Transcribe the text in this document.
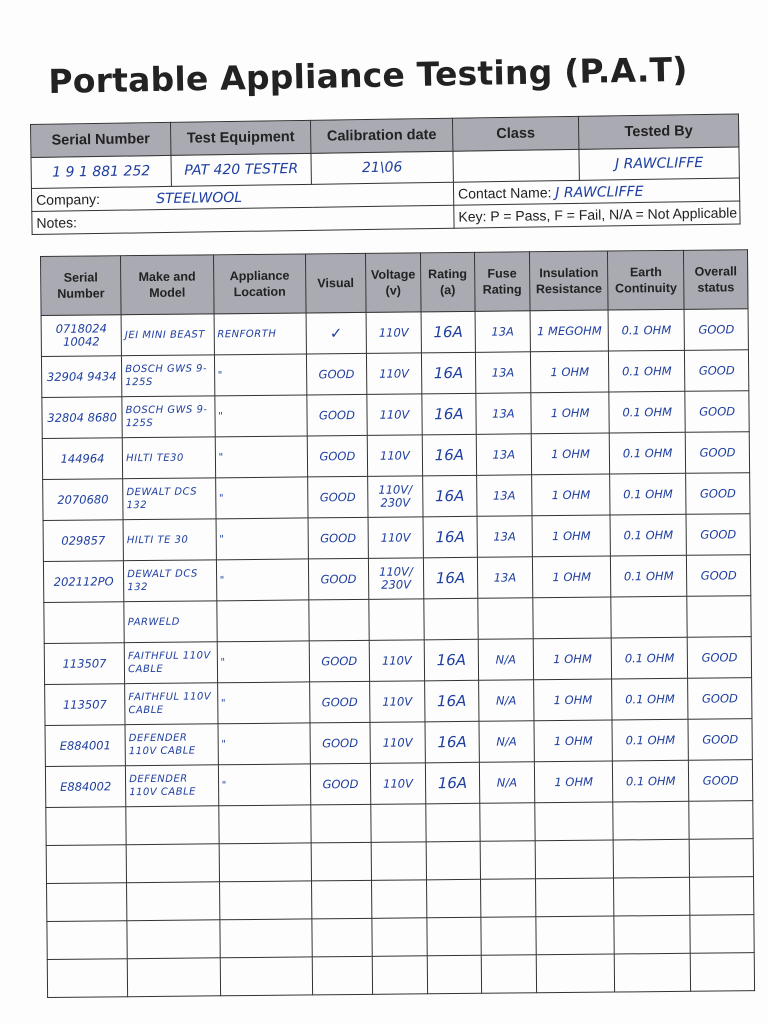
Portable Appliance Testing (P.A.T)
Serial Number	Test Equipment	Calibration date	Class	Tested By
1 9 1 881 252	PAT 420 TESTER	21\06		J RAWCLIFFE
Company: STEELWOOL			Contact Name: J RAWCLIFFE	
Notes:			Key: P = Pass, F = Fail, N/A = Not Applicable	
Serial Number	Make and Model	Appliance Location	Visual	Voltage (v)	Rating (a)	Fuse Rating	Insulation Resistance	Earth Continuity	Overall status
0718024 10042	JEI MINI BEAST	RENFORTH	✓	110V	16A	13A	1 MEGOHM	0.1 OHM	GOOD
32904 9434	BOSCH GWS 9-125S	"	GOOD	110V	16A	13A	1 OHM	0.1 OHM	GOOD
32804 8680	BOSCH GWS 9-125S	"	GOOD	110V	16A	13A	1 OHM	0.1 OHM	GOOD
144964	HILTI TE30	"	GOOD	110V	16A	13A	1 OHM	0.1 OHM	GOOD
2070680	DEWALT DCS 132	"	GOOD	110V/ 230V	16A	13A	1 OHM	0.1 OHM	GOOD
029857	HILTI TE 30	"	GOOD	110V	16A	13A	1 OHM	0.1 OHM	GOOD
202112PO	DEWALT DCS 132	"	GOOD	110V/ 230V	16A	13A	1 OHM	0.1 OHM	GOOD
	PARWELD								
113507	FAITHFUL 110V CABLE	"	GOOD	110V	16A	N/A	1 OHM	0.1 OHM	GOOD
113507	FAITHFUL 110V CABLE	"	GOOD	110V	16A	N/A	1 OHM	0.1 OHM	GOOD
E884001	DEFENDER 110V CABLE	"	GOOD	110V	16A	N/A	1 OHM	0.1 OHM	GOOD
E884002	DEFENDER 110V CABLE	"	GOOD	110V	16A	N/A	1 OHM	0.1 OHM	GOOD
